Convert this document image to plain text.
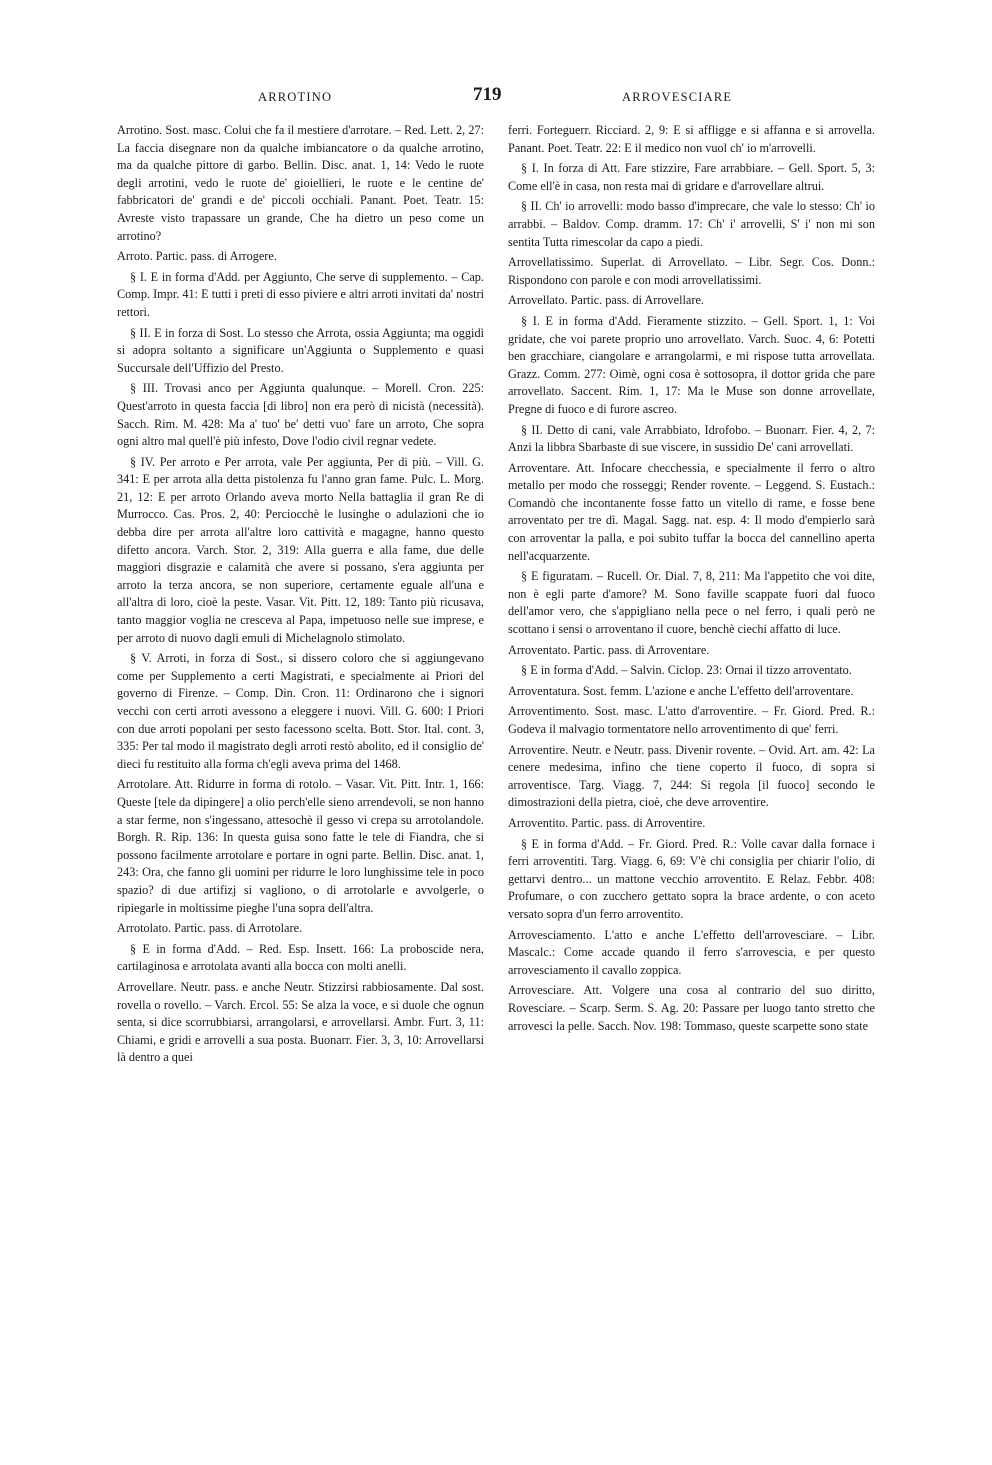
ARROTINO	719	ARROVESCIARE

Arrotino. Sost. masc. Colui che fa il mestiere d'arrotare. – Red. Lett. 2, 27: La faccia disegnare non da qualche imbiancatore o da qualche arrotino, ma da qualche pittore di garbo. Bellin. Disc. anat. 1, 14: Vedo le ruote degli arrotini, vedo le ruote de' gioiellieri, le ruote e le centine de' fabbricatori de' grandi e de' piccoli occhiali. Panant. Poet. Teatr. 15: Avreste visto trapassare un grande, Che ha dietro un peso come un arrotino?

Arroto. Partic. pass. di Arrogere.

§ I. E in forma d'Add. per Aggiunto, Che serve di supplemento. – Cap. Comp. Impr. 41: E tutti i preti di esso piviere e altri arroti invitati da' nostri rettori.

§ II. E in forza di Sost. Lo stesso che Arrota, ossia Aggiunta; ma oggidì si adopra soltanto a significare un'Aggiunta o Supplemento e quasi Succursale dell'Uffizio del Presto.

§ III. Trovasi anco per Aggiunta qualunque. – Morell. Cron. 225: Quest'arroto in questa faccia [di libro] non era però di nicistà (necessità). Sacch. Rim. M. 428: Ma a' tuo' be' detti vuo' fare un arroto, Che sopra ogni altro mal quell'è più infesto, Dove l'odio civil regnar vedete.

§ IV. Per arroto e Per arrota, vale Per aggiunta, Per di più. – Vill. G. 341: E per arrota alla detta pistolenza fu l'anno gran fame. Pulc. L. Morg. 21, 12: E per arroto Orlando aveva morto Nella battaglia il gran Re di Murrocco. Cas. Pros. 2, 40: Perciocchè le lusinghe o adulazioni che io debba dire per arrota all'altre loro cattività e magagne, hanno questo difetto ancora. Varch. Stor. 2, 319: Alla guerra e alla fame, due delle maggiori disgrazie e calamità che avere si possano, s'era aggiunta per arroto la terza ancora, se non superiore, certamente eguale all'una e all'altra di loro, cioè la peste. Vasar. Vit. Pitt. 12, 189: Tanto più ricusava, tanto maggior voglia ne cresceva al Papa, impetuoso nelle sue imprese, e per arroto di nuovo dagli emuli di Michelagnolo stimolato.

§ V. Arroti, in forza di Sost., si dissero coloro che si aggiungevano come per Supplemento a certi Magistrati, e specialmente ai Priori del governo di Firenze. – Comp. Din. Cron. 11: Ordinarono che i signori vecchi con certi arroti avessono a eleggere i nuovi. Vill. G. 600: I Priori con due arroti popolani per sesto facessono scelta. Bott. Stor. Ital. cont. 3, 335: Per tal modo il magistrato degli arroti restò abolito, ed il consiglio de' dieci fu restituito alla forma ch'egli aveva prima del 1468.

Arrotolare. Att. Ridurre in forma di rotolo. – Vasar. Vit. Pitt. Intr. 1, 166: Queste [tele da dipingere] a olio perch'elle sieno arrendevoli, se non hanno a star ferme, non s'ingessano, attesochè il gesso vi crepa su arrotolandole. Borgh. R. Rip. 136: In questa guisa sono fatte le tele di Fiandra, che si possono facilmente arrotolare e portare in ogni parte. Bellin. Disc. anat. 1, 243: Ora, che fanno gli uomini per ridurre le loro lunghissime tele in poco spazio? di due artifizj si vagliono, o di arrotolarle e avvolgerle, o ripiegarle in moltissime pieghe l'una sopra dell'altra.

Arrotolato. Partic. pass. di Arrotolare.

§ E in forma d'Add. – Red. Esp. Insett. 166: La proboscide nera, cartilaginosa e arrotolata avanti alla bocca con molti anelli.

Arrovellare. Neutr. pass. e anche Neutr. Stizzirsi rabbiosamente. Dal sost. rovella o rovello. – Varch. Ercol. 55: Se alza la voce, e si duole che ognun senta, si dice scorrubbiarsi, arrangolarsi, e arrovellarsi. Ambr. Furt. 3, 11: Chiami, e gridi e arrovelli a sua posta. Buonarr. Fier. 3, 3, 10: Arrovellarsi là dentro a quei

ferri. Forteguerr. Ricciard. 2, 9: E si affligge e si affanna e si arrovella. Panant. Poet. Teatr. 22: E il medico non vuol ch' io m'arrovelli.

§ I. In forza di Att. Fare stizzire, Fare arrabbiare. – Gell. Sport. 5, 3: Come ell'è in casa, non resta mai di gridare e d'arrovellare altrui.

§ II. Ch' io arrovelli: modo basso d'imprecare, che vale lo stesso: Ch' io arrabbi. – Baldov. Comp. dramm. 17: Ch' i' arrovelli, S' i' non mi son sentita Tutta rimescolar da capo a piedi.

Arrovellatissimo. Superlat. di Arrovellato. – Libr. Segr. Cos. Donn.: Rispondono con parole e con modi arrovellatissimi.

Arrovellato. Partic. pass. di Arrovellare.

§ I. E in forma d'Add. Fieramente stizzito. – Gell. Sport. 1, 1: Voi gridate, che voi parete proprio uno arrovellato. Varch. Suoc. 4, 6: Potetti ben gracchiare, ciangolare e arrangolarmi, e mi rispose tutta arrovellata. Grazz. Comm. 277: Oimè, ogni cosa è sottosopra, il dottor grida che pare arrovellato. Saccent. Rim. 1, 17: Ma le Muse son donne arrovellate, Pregne di fuoco e di furore ascreo.

§ II. Detto di cani, vale Arrabbiato, Idrofobo. – Buonarr. Fier. 4, 2, 7: Anzi la libbra Sbarbaste di sue viscere, in sussidio De' cani arrovellati.

Arroventare. Att. Infocare checchessia, e specialmente il ferro o altro metallo per modo che rosseggi; Render rovente. – Leggend. S. Eustach.: Comandò che incontanente fosse fatto un vitello di rame, e fosse bene arroventato per tre dì. Magal. Sagg. nat. esp. 4: Il modo d'empierlo sarà con arroventar la palla, e poi subito tuffar la bocca del cannellino aperta nell'acquarzente.

§ E figuratam. – Rucell. Or. Dial. 7, 8, 211: Ma l'appetito che voi dite, non è egli parte d'amore? M. Sono faville scappate fuori dal fuoco dell'amor vero, che s'appigliano nella pece o nel ferro, i quali però ne scottano i sensi o arroventano il cuore, benchè ciechi affatto di luce.

Arroventato. Partic. pass. di Arroventare.

§ E in forma d'Add. – Salvin. Ciclop. 23: Ornai il tizzo arroventato.

Arroventatura. Sost. femm. L'azione e anche L'effetto dell'arroventare.

Arroventimento. Sost. masc. L'atto d'arroventire. – Fr. Giord. Pred. R.: Godeva il malvagio tormentatore nello arroventimento di que' ferri.

Arroventire. Neutr. e Neutr. pass. Divenir rovente. – Ovid. Art. am. 42: La cenere medesima, infino che tiene coperto il fuoco, di sopra si arroventisce. Targ. Viagg. 7, 244: Si regola [il fuoco] secondo le dimostrazioni della pietra, cioè, che deve arroventire.

Arroventito. Partic. pass. di Arroventire.

§ E in forma d'Add. – Fr. Giord. Pred. R.: Volle cavar dalla fornace i ferri arroventiti. Targ. Viagg. 6, 69: V'è chi consiglia per chiarir l'olio, di gettarvi dentro... un mattone vecchio arroventito. E Relaz. Febbr. 408: Profumare, o con zucchero gettato sopra la brace ardente, o con aceto versato sopra d'un ferro arroventito.

Arrovesciamento. L'atto e anche L'effetto dell'arrovesciare. – Libr. Mascalc.: Come accade quando il ferro s'arrovescia, e per questo arrovesciamento il cavallo zoppica.

Arrovesciare. Att. Volgere una cosa al contrario del suo diritto, Rovesciare. – Scarp. Serm. S. Ag. 20: Passare per luogo tanto stretto che arrovesci la pelle. Sacch. Nov. 198: Tommaso, queste scarpette sono state
